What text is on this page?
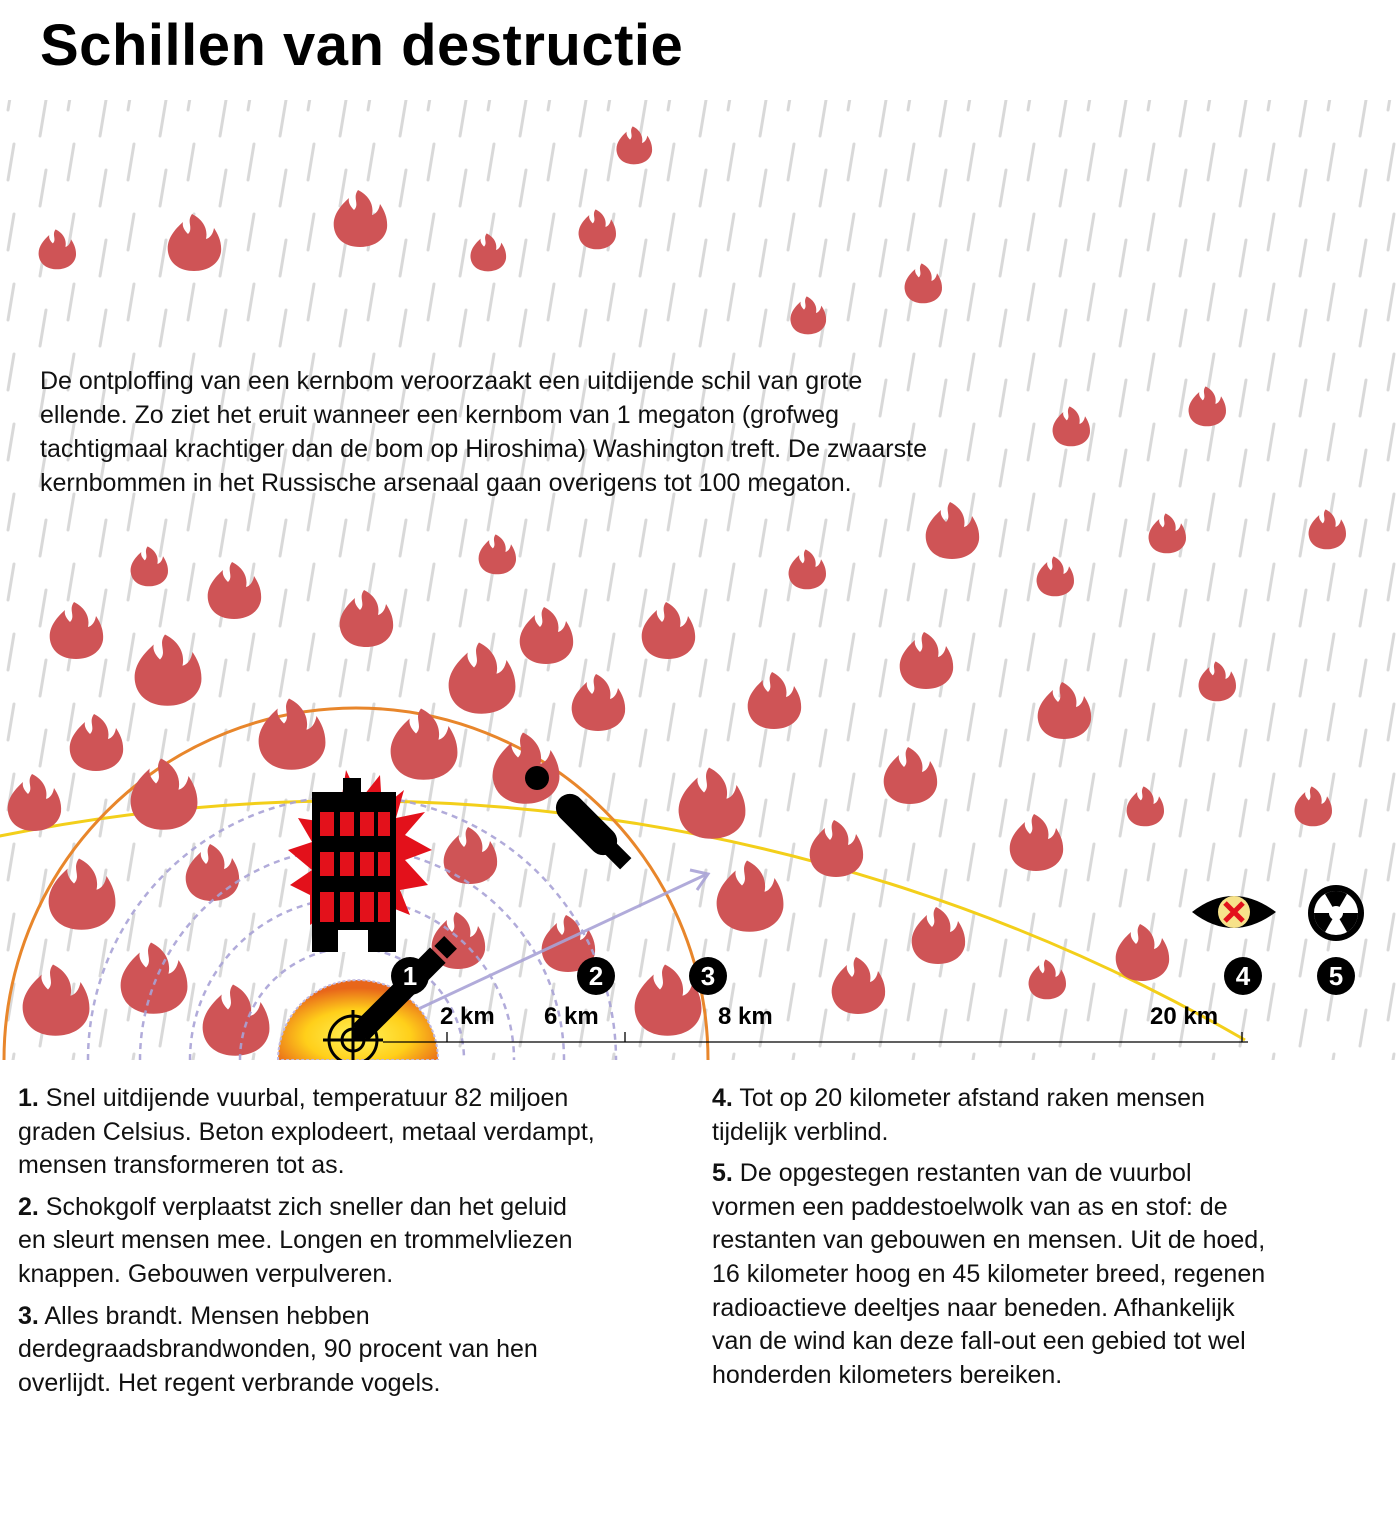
Schillen van destructie
De ontploffing van een kernbom veroorzaakt een uitdijende schil van grote ellende. Zo ziet het eruit wanneer een kernbom van 1 megaton (grofweg tachtigmaal krachtiger dan de bom op Hiroshima) Washington treft. De zwaarste kernbommen in het Russische arsenaal gaan overigens tot 100 megaton.
1	2	3	4	5
2 km 6 km	8 km	20 km

1. Snel uitdijende vuurbal, temperatuur 82 miljoen graden Celsius. Beton explodeert, metaal verdampt, mensen transformeren tot as.

2. Schokgolf verplaatst zich sneller dan het geluid en sleurt mensen mee. Longen en trommelvliezen knappen. Gebouwen verpulveren.

3. Alles brandt. Mensen hebben derdegraadsbrandwonden, 90 procent van hen overlijdt. Het regent verbrande vogels.

4. Tot op 20 kilometer afstand raken mensen tijdelijk verblind.

5. De opgestegen restanten van de vuurbol vormen een paddestoelwolk van as en stof: de restanten van gebouwen en mensen. Uit de hoed, 16 kilometer hoog en 45 kilometer breed, regenen radioactieve deeltjes naar beneden. Afhankelijk van de wind kan deze fall-out een gebied tot wel honderden kilometers bereiken.
